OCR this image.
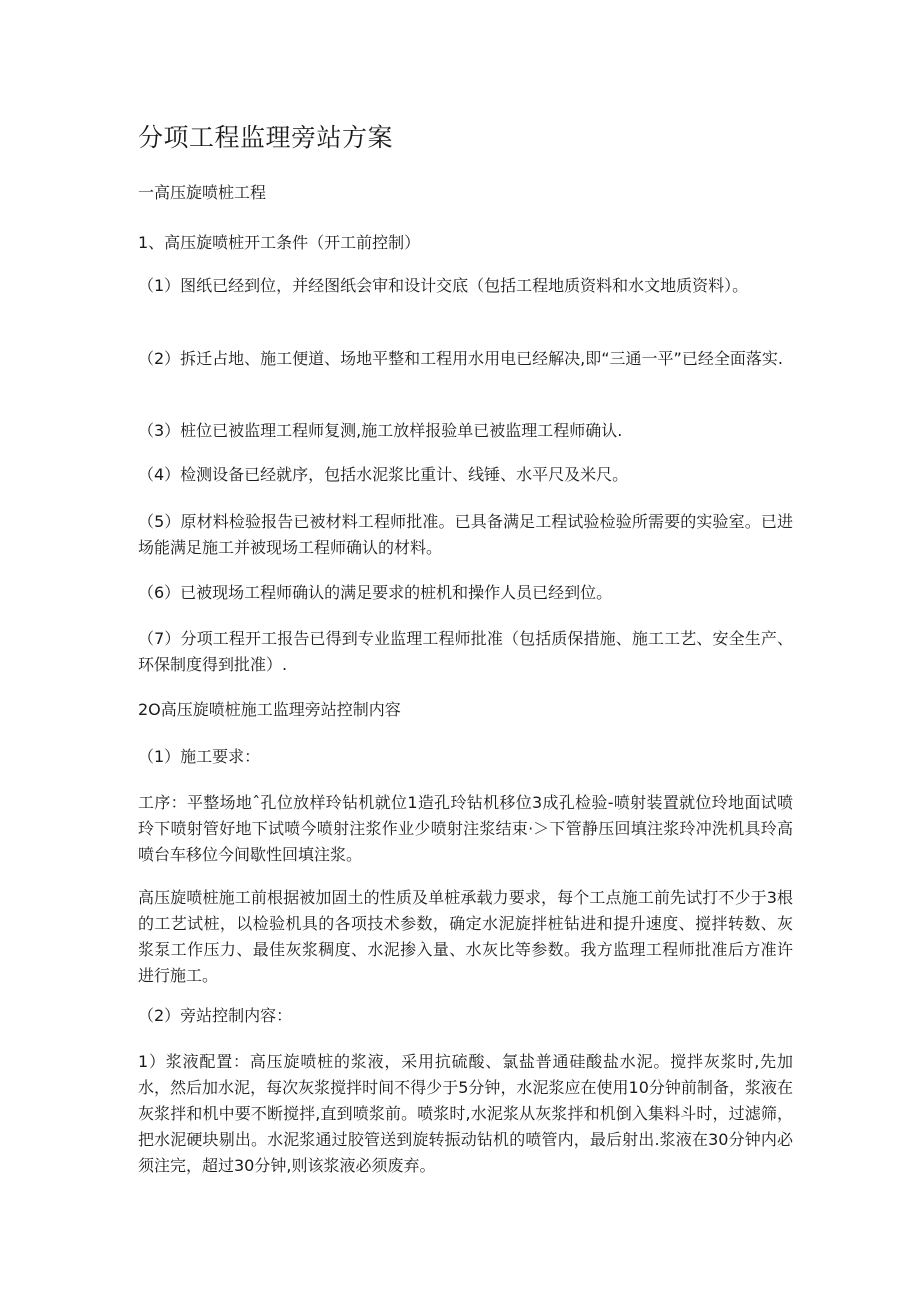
分项工程监理旁站方案

一高压旋喷桩工程

1、高压旋喷桩开工条件（开工前控制）

（1）图纸已经到位，并经图纸会审和设计交底（包括工程地质资料和水文地质资料）。

（2）拆迁占地、施工便道、场地平整和工程用水用电已经解决,即“三通一平”已经全面落实.

（3）桩位已被监理工程师复测,施工放样报验单已被监理工程师确认.

（4）检测设备已经就序，包括水泥浆比重计、线锤、水平尺及米尺。

（5）原材料检验报告已被材料工程师批准。已具备满足工程试验检验所需要的实验室。已进场能满足施工并被现场工程师确认的材料。

（6）已被现场工程师确认的满足要求的桩机和操作人员已经到位。

（7）分项工程开工报告已得到专业监理工程师批准（包括质保措施、施工工艺、安全生产、环保制度得到批准）.

2O高压旋喷桩施工监理旁站控制内容

（1）施工要求：

工序：平整场地ˆ孔位放样玲钻机就位1造孔玲钻机移位3成孔检验-喷射装置就位玲地面试喷玲下喷射管好地下试喷今喷射注浆作业少喷射注浆结束·＞下管静压回填注浆玲冲洗机具玲高喷台车移位今间歇性回填注浆。

高压旋喷桩施工前根据被加固土的性质及单桩承载力要求，每个工点施工前先试打不少于3根的工艺试桩，以检验机具的各项技术参数，确定水泥旋拌桩钻进和提升速度、搅拌转数、灰浆泵工作压力、最佳灰浆稠度、水泥掺入量、水灰比等参数。我方监理工程师批准后方准许进行施工。

（2）旁站控制内容：

1）浆液配置：高压旋喷桩的浆液，采用抗硫酸、氯盐普通硅酸盐水泥。搅拌灰浆时,先加水，然后加水泥，每次灰浆搅拌时间不得少于5分钟，水泥浆应在使用10分钟前制备，浆液在灰浆拌和机中要不断搅拌,直到喷浆前。喷浆时,水泥浆从灰浆拌和机倒入集料斗时，过滤筛，把水泥硬块剔出。水泥浆通过胶管送到旋转振动钻机的喷管内，最后射出.浆液在30分钟内必须注完，超过30分钟,则该浆液必须废弃。
